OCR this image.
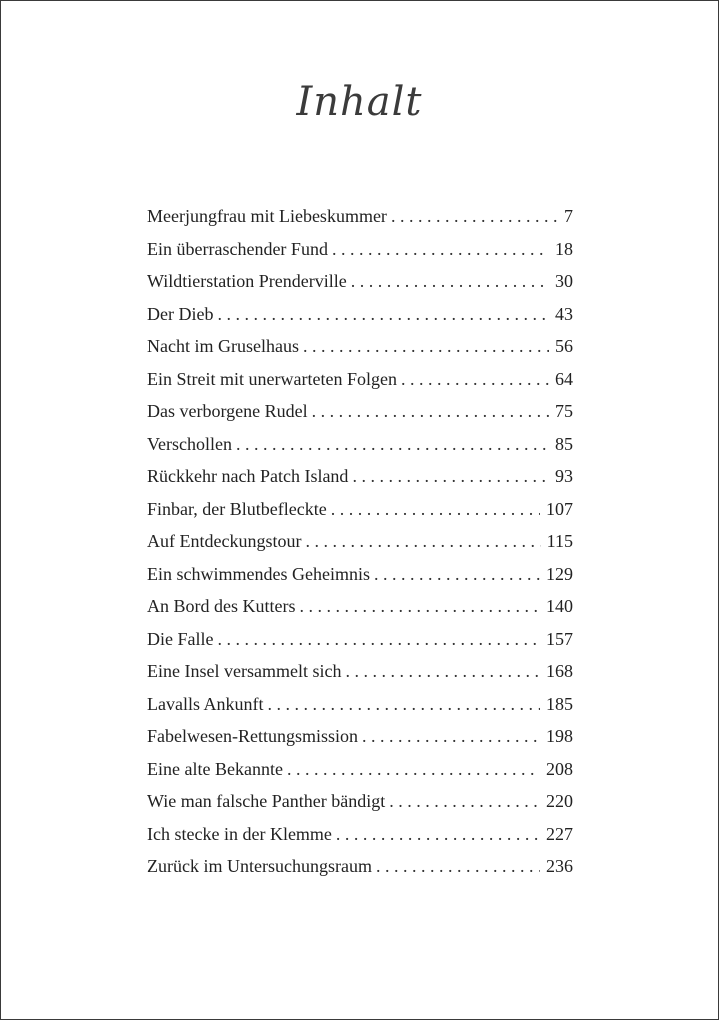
Inhalt
Meerjungfrau mit Liebeskummer . . .	7
Ein überraschender Fund . . .	18
Wildtierstation Prenderville . . .	30
Der Dieb . . .	43
Nacht im Gruselhaus . . .	56
Ein Streit mit unerwarteten Folgen . . .	64
Das verborgene Rudel . . .	75
Verschollen . . .	85
Rückkehr nach Patch Island . . .	93
Finbar, der Blutbefleckte . . .	107
Auf Entdeckungstour . . .	115
Ein schwimmendes Geheimnis . . .	129
An Bord des Kutters . . .	140
Die Falle . . .	157
Eine Insel versammelt sich . . .	168
Lavalls Ankunft . . .	185
Fabelwesen-Rettungsmission . . .	198
Eine alte Bekannte . . .	208
Wie man falsche Panther bändigt . . .	220
Ich stecke in der Klemme . . .	227
Zurück im Untersuchungsraum . . .	236
